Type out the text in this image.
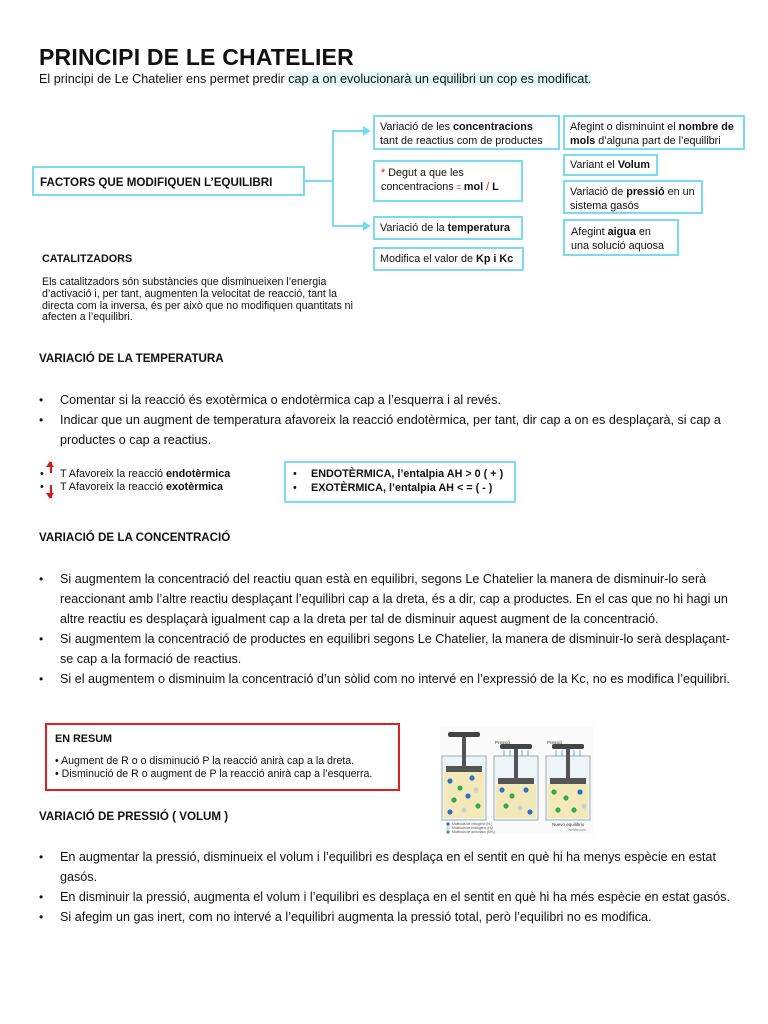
PRINCIPI DE LE CHATELIER
El principi de Le Chatelier ens permet predir cap a on evolucionarà un equilibri un cop es modificat.
FACTORS QUE MODIFIQUEN L’EQUILIBRI
Variació de les concentracions
tant de reactius com de productes
* Degut a que les
concentracions = mol / L
Variació de la temperatura
Modifica el valor de Kp i Kc
Afegint o disminuint el nombre de mols d’alguna part de l’equilibri
Variant el Volum
Variació de pressió en un sistema gasós
Afegint aigua en una solució aquosa
CATALITZADORS
Els catalitzadors són substàncies que disminueixen l’energia d’activació i, per tant, augmenten la velocitat de reacció, tant la directa com la inversa, és per això que no modifiquen quantitats ni afecten a l’equilibri.
VARIACIÓ DE LA TEMPERATURA
• Comentar si la reacció és exotèrmica o endotèrmica cap a l’esquerra i al revés.
• Indicar que un augment de temperatura afavoreix la reacció endotèrmica, per tant, dir cap a on es desplaçarà, si cap a productes o cap a reactius.
• T Afavoreix la reacció endotèrmica
• T Afavoreix la reacció exotèrmica
• ENDOTÈRMICA, l’entalpia AH > 0 ( + )
• EXOTÈRMICA, l’entalpia AH < = ( - )
VARIACIÓ DE LA CONCENTRACIÓ
• Si augmentem la concentració del reactiu quan està en equilibri, segons Le Chatelier la manera de disminuir-lo serà reaccionant amb l’altre reactiu desplaçant l’equilibri cap a la dreta, és a dir, cap a productes. En el cas que no hi hagi un altre reactiu es desplaçarà igualment cap a la dreta per tal de disminuir aquest augment de la concentració.
• Si augmentem la concentració de productes en equilibri segons Le Chatelier, la manera de disminuir-lo serà desplaçant-se cap a la formació de reactius.
• Si el augmentem o disminuim la concentració d’un sòlid com no intervé en l’expressió de la Kc, no es modifica l’equilibri.
EN RESUM
• Augment de R o o disminució P la reacció anirà cap a la dreta.
• Disminució de R o augment de P la reacció anirà cap a l’esquerra.
Pressió	Pressió
Nuevo equilibrio
Molécula de nitrógeno (N₂)
Molécula de hidrógeno (H₂)
Molécula de amoniaco (NH₃)	Windor.com
VARIACIÓ DE PRESSIÓ ( VOLUM )
• En augmentar la pressió, disminueix el volum i l’equilibri es desplaça en el sentit en què hi ha menys espècie en estat gasós.
• En disminuir la pressió, augmenta el volum i l’equilibri es desplaça en el sentit en què hi ha més espècie en estat gasós.
• Si afegim un gas inert, com no intervé a l’equilibri augmenta la pressió total, però l’equilibri no es modifica.
